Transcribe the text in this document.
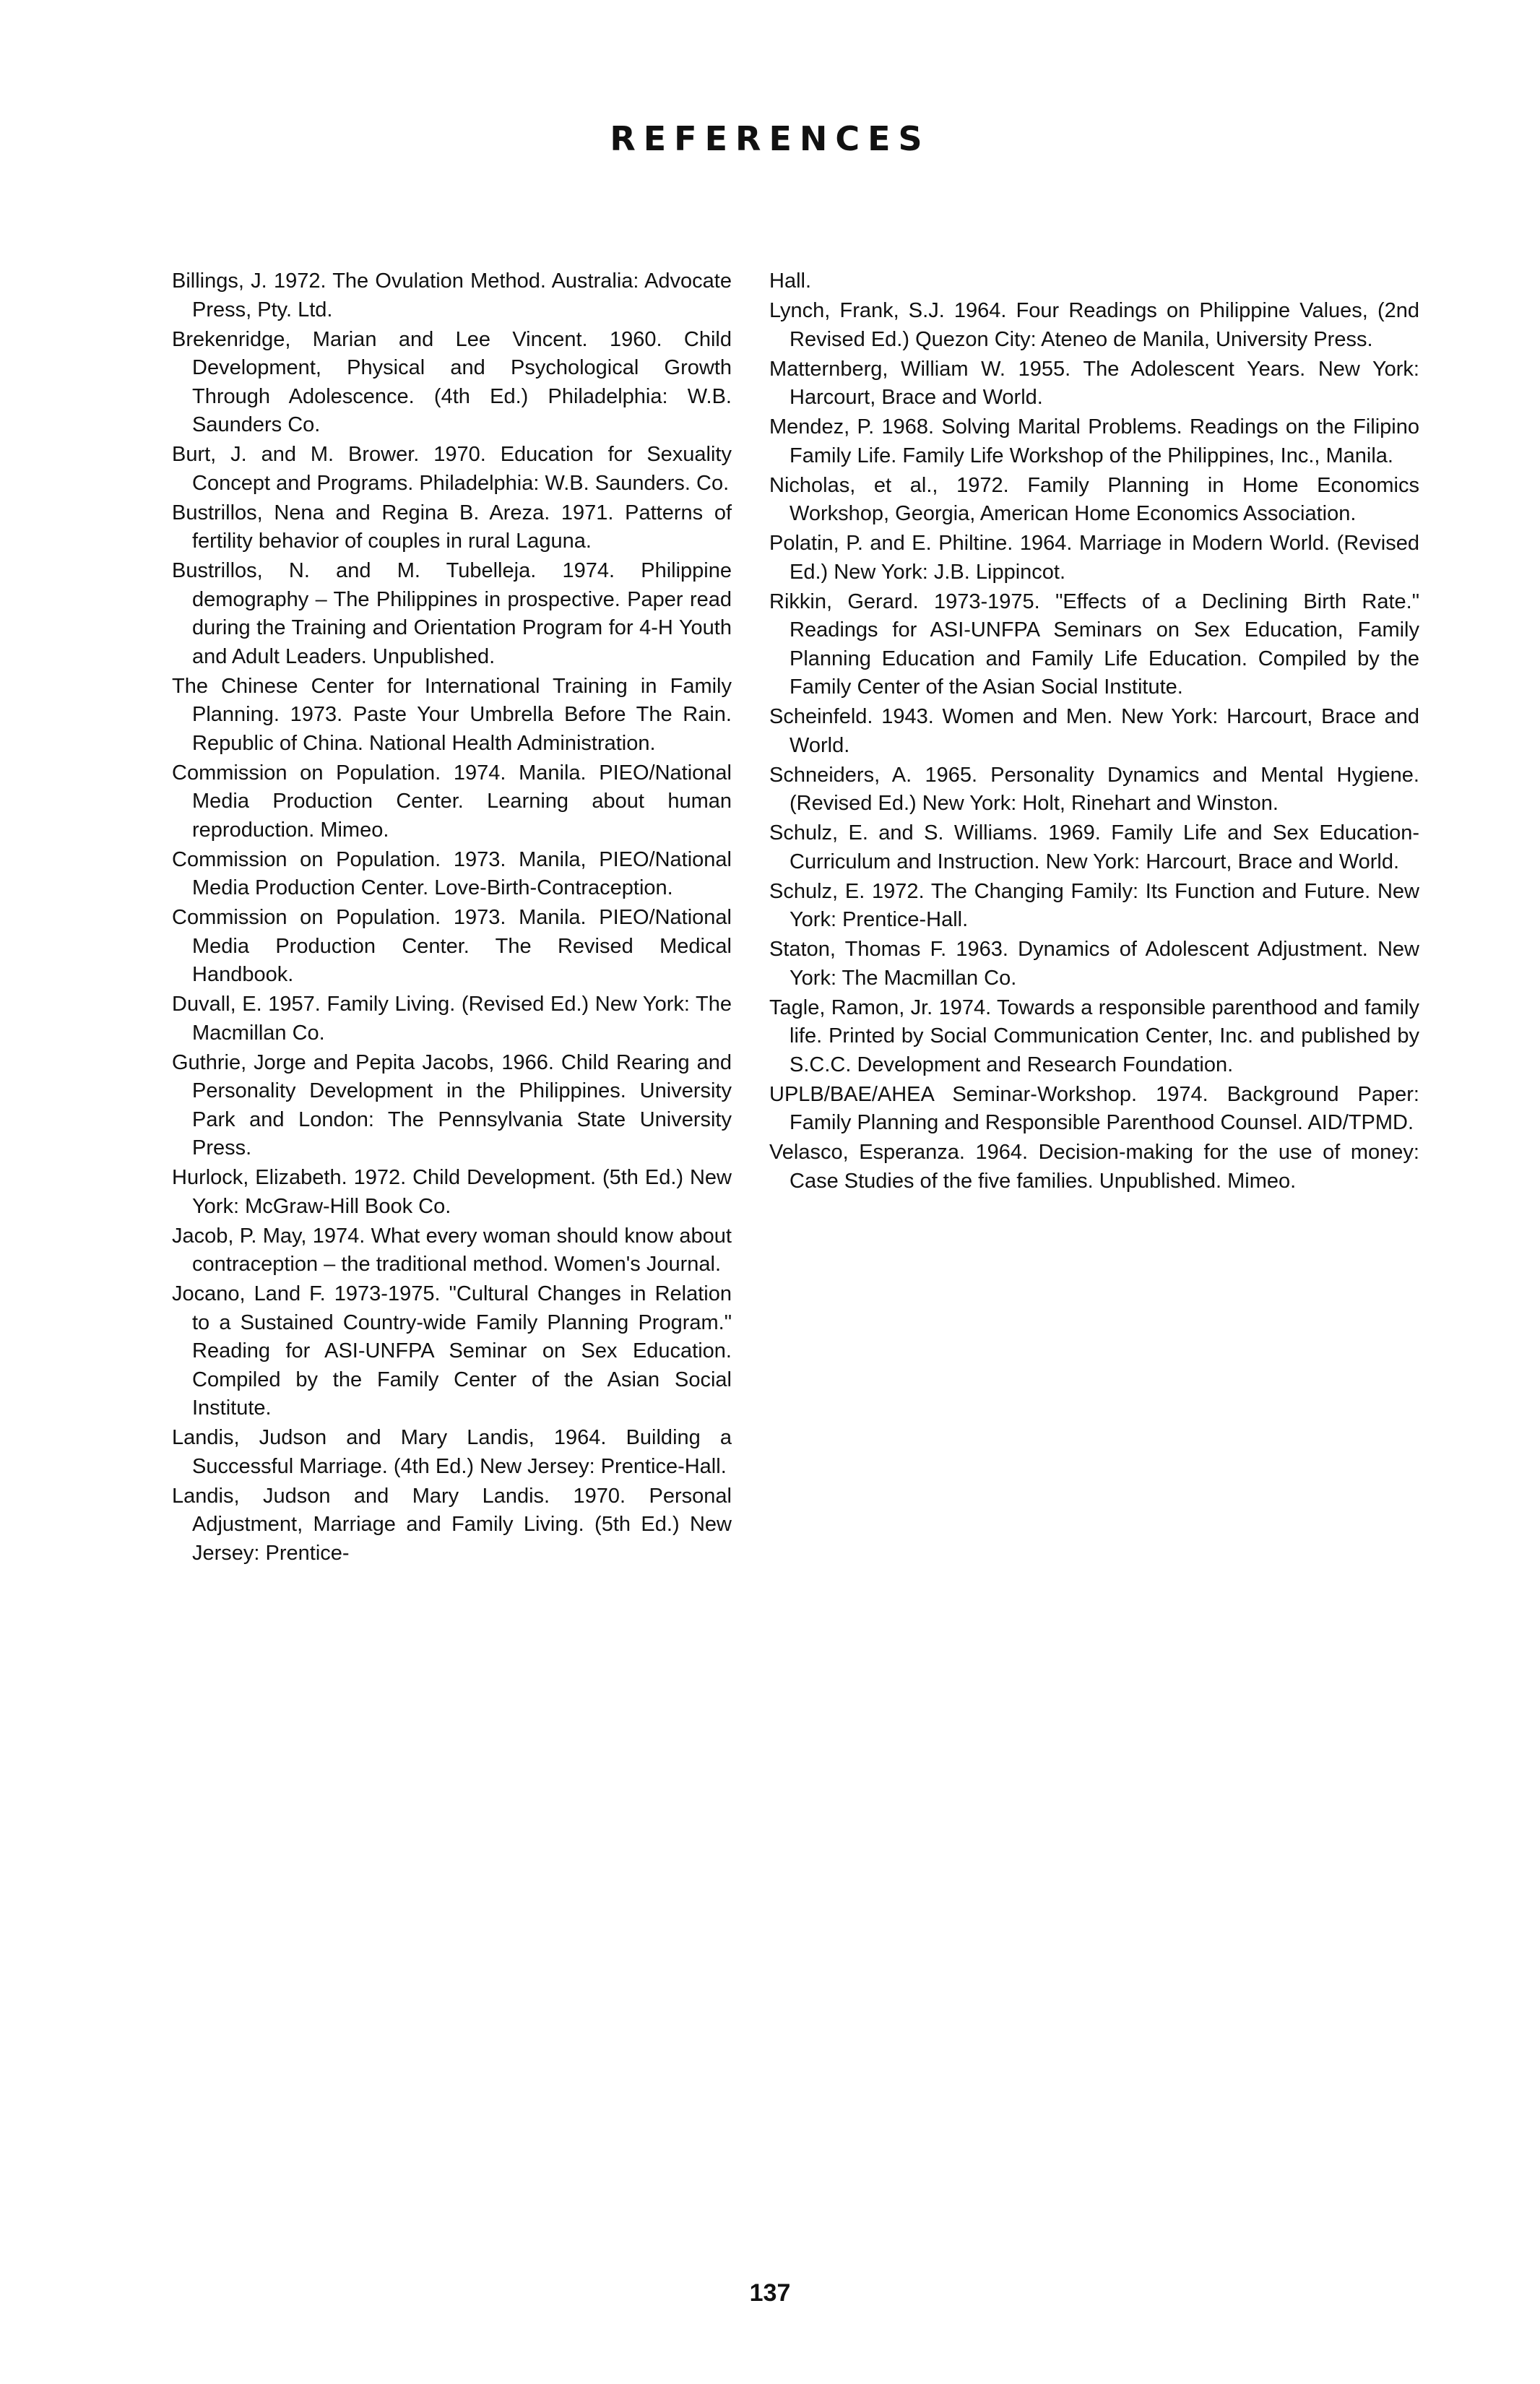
REFERENCES

Billings, J. 1972. The Ovulation Method. Australia: Advocate Press, Pty. Ltd.

Brekenridge, Marian and Lee Vincent. 1960. Child Development, Physical and Psychological Growth Through Adolescence. (4th Ed.) Philadelphia: W.B. Saunders Co.

Burt, J. and M. Brower. 1970. Education for Sexuality Concept and Programs. Philadelphia: W.B. Saunders. Co.

Bustrillos, Nena and Regina B. Areza. 1971. Patterns of fertility behavior of couples in rural Laguna.

Bustrillos, N. and M. Tubelleja. 1974. Philippine demography – The Philippines in prospective. Paper read during the Training and Orientation Program for 4-H Youth and Adult Leaders. Unpublished.

The Chinese Center for International Training in Family Planning. 1973. Paste Your Umbrella Before The Rain. Republic of China. National Health Administration.

Commission on Population. 1974. Manila. PIEO/National Media Production Center. Learning about human reproduction. Mimeo.

Commission on Population. 1973. Manila, PIEO/National Media Production Center. Love-Birth-Contraception.

Commission on Population. 1973. Manila. PIEO/National Media Production Center. The Revised Medical Handbook.

Duvall, E. 1957. Family Living. (Revised Ed.) New York: The Macmillan Co.

Guthrie, Jorge and Pepita Jacobs, 1966. Child Rearing and Personality Development in the Philippines. University Park and London: The Pennsylvania State University Press.

Hurlock, Elizabeth. 1972. Child Development. (5th Ed.) New York: McGraw-Hill Book Co.

Jacob, P. May, 1974. What every woman should know about contraception – the traditional method. Women's Journal.

Jocano, Land F. 1973-1975. "Cultural Changes in Relation to a Sustained Country-wide Family Planning Program." Reading for ASI-UNFPA Seminar on Sex Education. Compiled by the Family Center of the Asian Social Institute.

Landis, Judson and Mary Landis, 1964. Building a Successful Marriage. (4th Ed.) New Jersey: Prentice-Hall.

Landis, Judson and Mary Landis. 1970. Personal Adjustment, Marriage and Family Living. (5th Ed.) New Jersey: Prentice-

Hall.

Lynch, Frank, S.J. 1964. Four Readings on Philippine Values, (2nd Revised Ed.) Quezon City: Ateneo de Manila, University Press.

Matternberg, William W. 1955. The Adolescent Years. New York: Harcourt, Brace and World.

Mendez, P. 1968. Solving Marital Problems. Readings on the Filipino Family Life. Family Life Workshop of the Philippines, Inc., Manila.

Nicholas, et al., 1972. Family Planning in Home Economics Workshop, Georgia, American Home Economics Association.

Polatin, P. and E. Philtine. 1964. Marriage in Modern World. (Revised Ed.) New York: J.B. Lippincot.

Rikkin, Gerard. 1973-1975. "Effects of a Declining Birth Rate." Readings for ASI-UNFPA Seminars on Sex Education, Family Planning Education and Family Life Education. Compiled by the Family Center of the Asian Social Institute.

Scheinfeld. 1943. Women and Men. New York: Harcourt, Brace and World.

Schneiders, A. 1965. Personality Dynamics and Mental Hygiene. (Revised Ed.) New York: Holt, Rinehart and Winston.

Schulz, E. and S. Williams. 1969. Family Life and Sex Education-Curriculum and Instruction. New York: Harcourt, Brace and World.

Schulz, E. 1972. The Changing Family: Its Function and Future. New York: Prentice-Hall.

Staton, Thomas F. 1963. Dynamics of Adolescent Adjustment. New York: The Macmillan Co.

Tagle, Ramon, Jr. 1974. Towards a responsible parenthood and family life. Printed by Social Communication Center, Inc. and published by S.C.C. Development and Research Foundation.

UPLB/BAE/AHEA Seminar-Workshop. 1974. Background Paper: Family Planning and Responsible Parenthood Counsel. AID/TPMD.

Velasco, Esperanza. 1964. Decision-making for the use of money: Case Studies of the five families. Unpublished. Mimeo.

137
